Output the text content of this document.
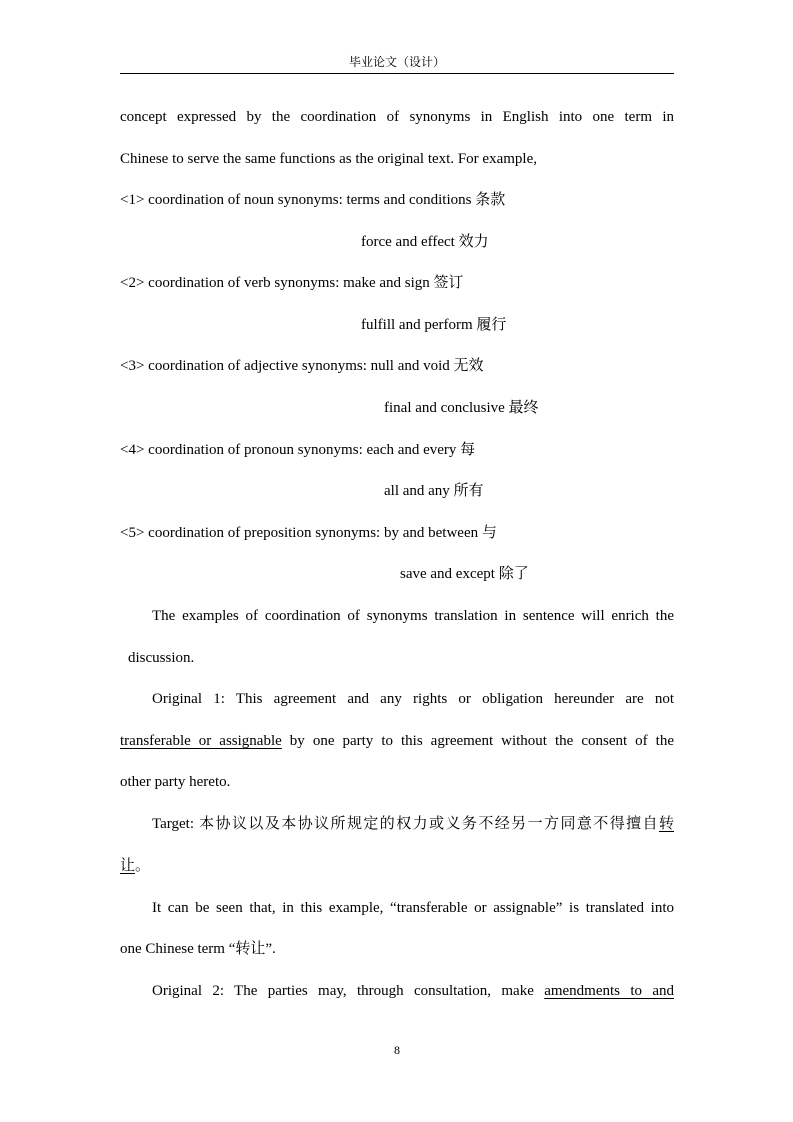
毕业论文（设计）
concept expressed by the coordination of synonyms in English into one term in
Chinese to serve the same functions as the original text. For example,
<1> coordination of noun synonyms: terms and conditions 条款
force and effect 效力
<2> coordination of verb synonyms: make and sign 签订
fulfill and perform 履行
<3> coordination of adjective synonyms: null and void 无效
final and conclusive 最终
<4> coordination of pronoun synonyms: each and every 每
all and any 所有
<5> coordination of preposition synonyms: by and between 与
save and except 除了
The examples of coordination of synonyms translation in sentence will enrich the
discussion.
Original 1: This agreement and any rights or obligation hereunder are not
transferable or assignable by one party to this agreement without the consent of the
other party hereto.
Target: 本协议以及本协议所规定的权力或义务不经另一方同意不得擅自转
让。
It can be seen that, in this example, “transferable or assignable” is translated into
one Chinese term “转让”.
Original 2: The parties may, through consultation, make amendments to and
8
